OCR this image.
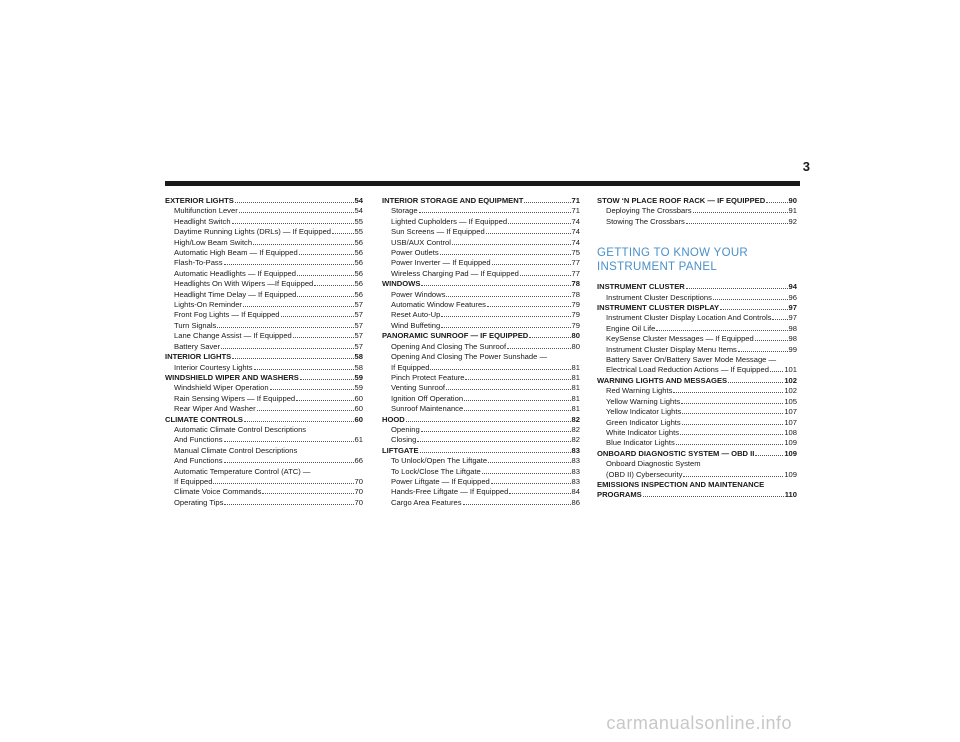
3
EXTERIOR LIGHTS	54
Multifunction Lever	54
Headlight Switch	55
Daytime Running Lights (DRLs) — If Equipped	55
High/Low Beam Switch	56
Automatic High Beam — If Equipped	56
Flash-To-Pass	56
Automatic Headlights — If Equipped	56
Headlights On With Wipers —If Equipped	56
Headlight Time Delay — If Equipped	56
Lights-On Reminder	57
Front Fog Lights — If Equipped	57
Turn Signals	57
Lane Change Assist — If Equipped	57
Battery Saver	57
INTERIOR LIGHTS	58
Interior Courtesy Lights	58
WINDSHIELD WIPER AND WASHERS	59
Windshield Wiper Operation	59
Rain Sensing Wipers — If Equipped	60
Rear Wiper And Washer	60
CLIMATE CONTROLS	60
Automatic Climate Control Descriptions
And Functions	61
Manual Climate Control Descriptions
And Functions	66
Automatic Temperature Control (ATC) —
If Equipped	70
Climate Voice Commands	70
Operating Tips	70
INTERIOR STORAGE AND EQUIPMENT	71
Storage	71
Lighted Cupholders — If Equipped	74
Sun Screens — If Equipped	74
USB/AUX Control	74
Power Outlets	75
Power Inverter — If Equipped	77
Wireless Charging Pad — If Equipped	77
WINDOWS	78
Power Windows	78
Automatic Window Features	79
Reset Auto-Up	79
Wind Buffeting	79
PANORAMIC SUNROOF — IF EQUIPPED	80
Opening And Closing The Sunroof	80
Opening And Closing The Power Sunshade —
If Equipped	81
Pinch Protect Feature	81
Venting Sunroof	81
Ignition Off Operation	81
Sunroof Maintenance	81
HOOD	82
Opening	82
Closing	82
LIFTGATE	83
To Unlock/Open The Liftgate	83
To Lock/Close The Liftgate	83
Power Liftgate — If Equipped	83
Hands-Free Liftgate — If Equipped	84
Cargo Area Features	86
STOW ‘N PLACE ROOF RACK — IF EQUIPPED	90
Deploying The Crossbars	91
Stowing The Crossbars	92
GETTING TO KNOW YOUR
INSTRUMENT PANEL
INSTRUMENT CLUSTER	94
Instrument Cluster Descriptions	96
INSTRUMENT CLUSTER DISPLAY	97
Instrument Cluster Display Location And Controls 97
Engine Oil Life	98
KeySense Cluster Messages — If Equipped	98
Instrument Cluster Display Menu Items	99
Battery Saver On/Battery Saver Mode Message —
Electrical Load Reduction Actions — If Equipped 101
WARNING LIGHTS AND MESSAGES	102
Red Warning Lights	102
Yellow Warning Lights	105
Yellow Indicator Lights	107
Green Indicator Lights	107
White Indicator Lights	108
Blue Indicator Lights	109
ONBOARD DIAGNOSTIC SYSTEM — OBD II	109
Onboard Diagnostic System
(OBD II) Cybersecurity	109
EMISSIONS INSPECTION AND MAINTENANCE
PROGRAMS	110
carmanualsonline.info
